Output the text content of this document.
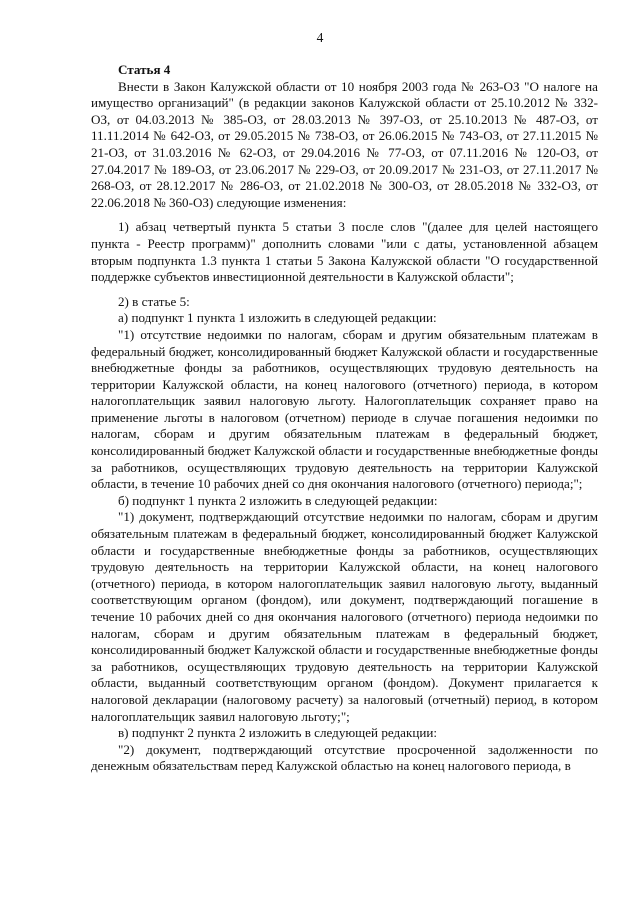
4

Статья 4

Внести в Закон Калужской области от 10 ноября 2003 года № 263-ОЗ "О налоге на имуществo организаций" (в редакции законов Калужской области от 25.10.2012 № 332-ОЗ, от 04.03.2013 № 385-ОЗ, от 28.03.2013 № 397-ОЗ, от 25.10.2013 № 487-ОЗ, от 11.11.2014 № 642-ОЗ, от 29.05.2015 № 738-ОЗ, от 26.06.2015 № 743-ОЗ, от 27.11.2015 № 21-ОЗ, от 31.03.2016 № 62-ОЗ, от 29.04.2016 № 77-ОЗ, от 07.11.2016 № 120-ОЗ, от 27.04.2017 № 189-ОЗ, от 23.06.2017 № 229-ОЗ, от 20.09.2017 № 231-ОЗ, от 27.11.2017 № 268-ОЗ, от 28.12.2017 № 286-ОЗ, от 21.02.2018 № 300-ОЗ, от 28.05.2018 № 332-ОЗ, от 22.06.2018 № 360-ОЗ) следующие изменения:

1) абзац четвертый пункта 5 статьи 3 после слов "(далее для целей настоящего пункта - Реестр программ)" дополнить словами "или с даты, установленной абзацем вторым подпункта 1.3 пункта 1 статьи 5 Закона Калужской области "О государственной поддержке субъектов инвестиционной деятельности в Калужской области";

2) в статье 5:

а) подпункт 1 пункта 1 изложить в следующей редакции:

"1) отсутствие недоимки по налогам, сборам и другим обязательным платежам в федеральный бюджет, консолидированный бюджет Калужской области и государственные внебюджетные фонды за работников, осуществляющих трудовую деятельность на территории Калужской области, на конец налогового (отчетного) периода, в котором налогоплательщик заявил налоговую льготу. Налогоплательщик сохраняет право на применение льготы в налоговом (отчетном) периоде в случае погашения недоимки по налогам, сборам и другим обязательным платежам в федеральный бюджет, консолидированный бюджет Калужской области и государственные внебюджетные фонды за работников, осуществляющих трудовую деятельность на территории Калужской области, в течение 10 рабочих дней со дня окончания налогового (отчетного) периода;";

б) подпункт 1 пункта 2 изложить в следующей редакции:

"1) документ, подтверждающий отсутствие недоимки по налогам, сборам и другим обязательным платежам в федеральный бюджет, консолидированный бюджет Калужской области и государственные внебюджетные фонды за работников, осуществляющих трудовую деятельность на территории Калужской области, на конец налогового (отчетного) периода, в котором налогоплательщик заявил налоговую льготу, выданный соответствующим органом (фондом), или документ, подтверждающий погашение в течение 10 рабочих дней со дня окончания налогового (отчетного) периода недоимки по налогам, сборам и другим обязательным платежам в федеральный бюджет, консолидированный бюджет Калужской области и государственные внебюджетные фонды за работников, осуществляющих трудовую деятельность на территории Калужской области, выданный соответствующим органом (фондом). Документ прилагается к налоговой декларации (налоговому расчету) за налоговый (отчетный) период, в котором налогоплательщик заявил налоговую льготу;";

в) подпункт 2 пункта 2 изложить в следующей редакции:

"2) документ, подтверждающий отсутствие просроченной задолженности по денежным обязательствам перед Калужской областью на конец налогового периода, в
